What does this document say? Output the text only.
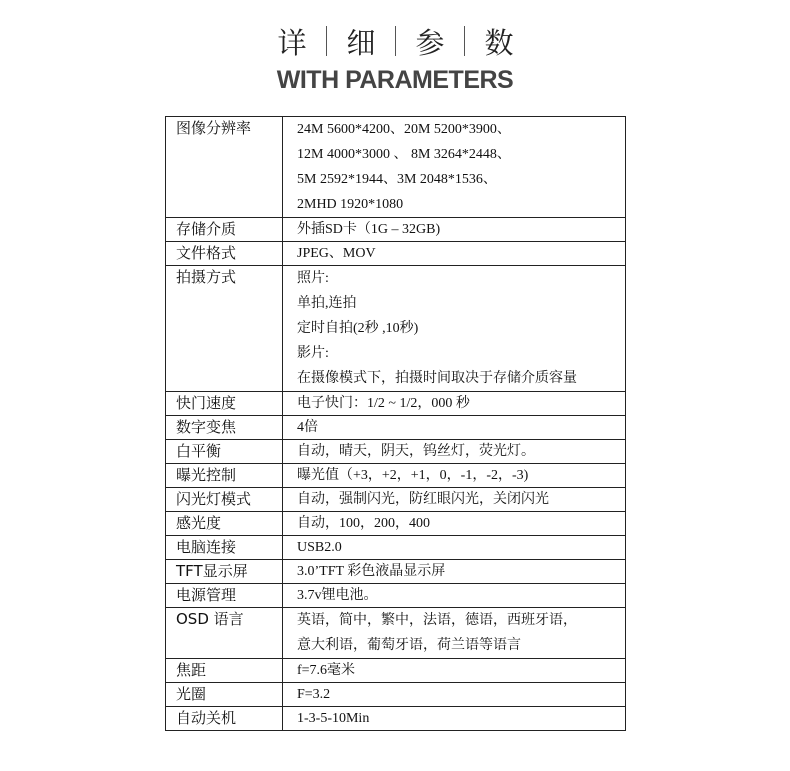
详 细 参 数
WITH PARAMETERS
图像分辨率	24M 5600*4200、20M 5200*3900、
12M 4000*3000 、 8M 3264*2448、
5M 2592*1944、3M 2048*1536、
2MHD 1920*1080

存储介质	外插SD卡（1G – 32GB)

文件格式	JPEG、MOV

拍摄方式	照片:
单拍,连拍
定时自拍(2秒 ,10秒)
影片:
在摄像模式下，拍摄时间取决于存储介质容量

快门速度	电子快门：1/2 ~ 1/2，000 秒

数字变焦	4倍

白平衡	自动，晴天，阴天，钨丝灯，荧光灯。

曝光控制	曝光值（+3，+2，+1，0，-1，-2，-3)

闪光灯模式	自动，强制闪光，防红眼闪光，关闭闪光

感光度	自动，100，200，400

电脑连接	USB2.0

TFT显示屏	3.0’TFT 彩色液晶显示屏

电源管理	3.7v锂电池。

OSD 语言	英语，简中，繁中，法语，德语，西班牙语，
意大利语，葡萄牙语，荷兰语等语言

焦距	f=7.6毫米

光圈	F=3.2

自动关机	1-3-5-10Min
